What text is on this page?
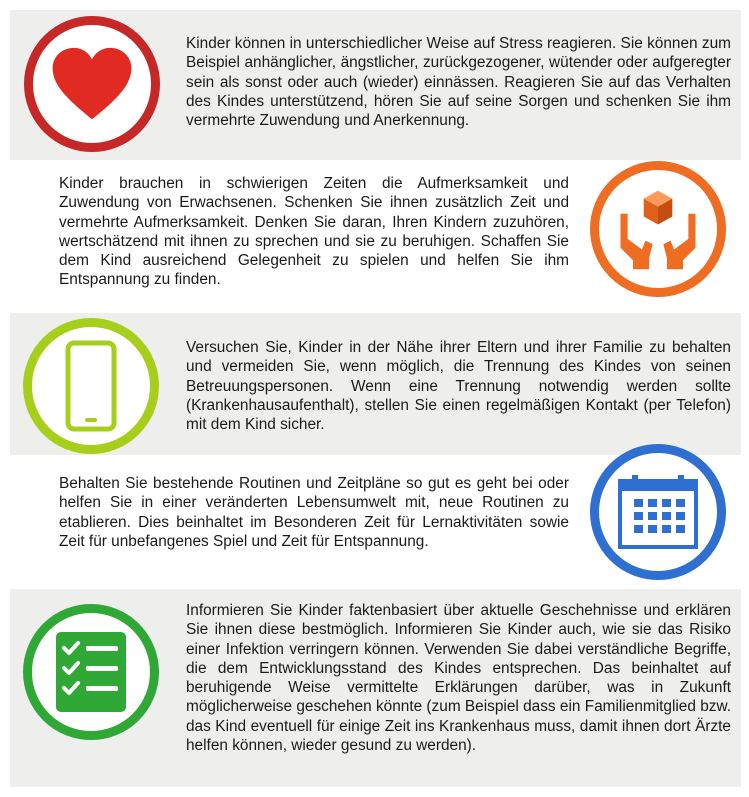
Kinder können in unterschiedlicher Weise auf Stress reagieren. Sie können zum Beispiel anhänglicher, ängstlicher, zurückgezogener, wütender oder aufgeregter sein als sonst oder auch (wieder) einnässen. Reagieren Sie auf das Verhalten des Kindes unterstützend, hören Sie auf seine Sorgen und schenken Sie ihm vermehrte Zuwendung und Anerkennung.

Kinder brauchen in schwierigen Zeiten die Aufmerksamkeit und Zuwendung von Erwachsenen. Schenken Sie ihnen zusätzlich Zeit und vermehrte Aufmerksamkeit. Denken Sie daran, Ihren Kindern zuzuhören, wertschätzend mit ihnen zu sprechen und sie zu beruhigen. Schaffen Sie dem Kind ausreichend Gelegenheit zu spielen und helfen Sie ihm Entspannung zu finden.

Versuchen Sie, Kinder in der Nähe ihrer Eltern und ihrer Familie zu behalten und vermeiden Sie, wenn möglich, die Trennung des Kindes von seinen Betreuungspersonen. Wenn eine Trennung notwendig werden sollte (Krankenhausaufenthalt), stellen Sie einen regelmäßigen Kontakt (per Telefon) mit dem Kind sicher.

Behalten Sie bestehende Routinen und Zeitpläne so gut es geht bei oder helfen Sie in einer veränderten Lebensumwelt mit, neue Routinen zu etablieren. Dies beinhaltet im Besonderen Zeit für Lernaktivitäten sowie Zeit für unbefangenes Spiel und Zeit für Entspannung.

Informieren Sie Kinder faktenbasiert über aktuelle Geschehnisse und erklären Sie ihnen diese bestmöglich. Informieren Sie Kinder auch, wie sie das Risiko einer Infektion verringern können. Verwenden Sie dabei verständliche Begriffe, die dem Entwicklungsstand des Kindes entsprechen. Das beinhaltet auf beruhigende Weise vermittelte Erklärungen darüber, was in Zukunft möglicherweise geschehen könnte (zum Beispiel dass ein Familienmitglied bzw. das Kind eventuell für einige Zeit ins Krankenhaus muss, damit ihnen dort Ärzte helfen können, wieder gesund zu werden).
